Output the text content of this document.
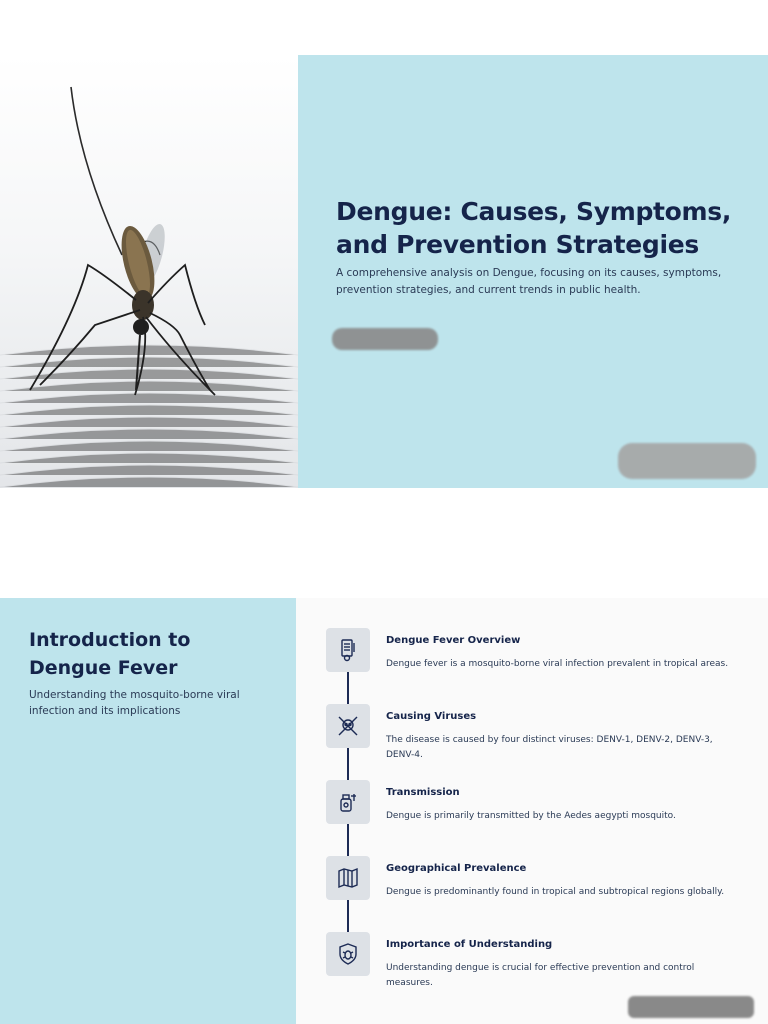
Dengue: Causes, Symptoms, and Prevention Strategies

A comprehensive analysis on Dengue, focusing on its causes, symptoms, prevention strategies, and current trends in public health.

Introduction to Dengue Fever

Understanding the mosquito-borne viral infection and its implications

Dengue Fever Overview
Dengue fever is a mosquito-borne viral infection prevalent in tropical areas.
Causing Viruses
The disease is caused by four distinct viruses: DENV-1, DENV-2, DENV-3, DENV-4.
Transmission
Dengue is primarily transmitted by the Aedes aegypti mosquito.
Geographical Prevalence
Dengue is predominantly found in tropical and subtropical regions globally.
Importance of Understanding
Understanding dengue is crucial for effective prevention and control measures.
